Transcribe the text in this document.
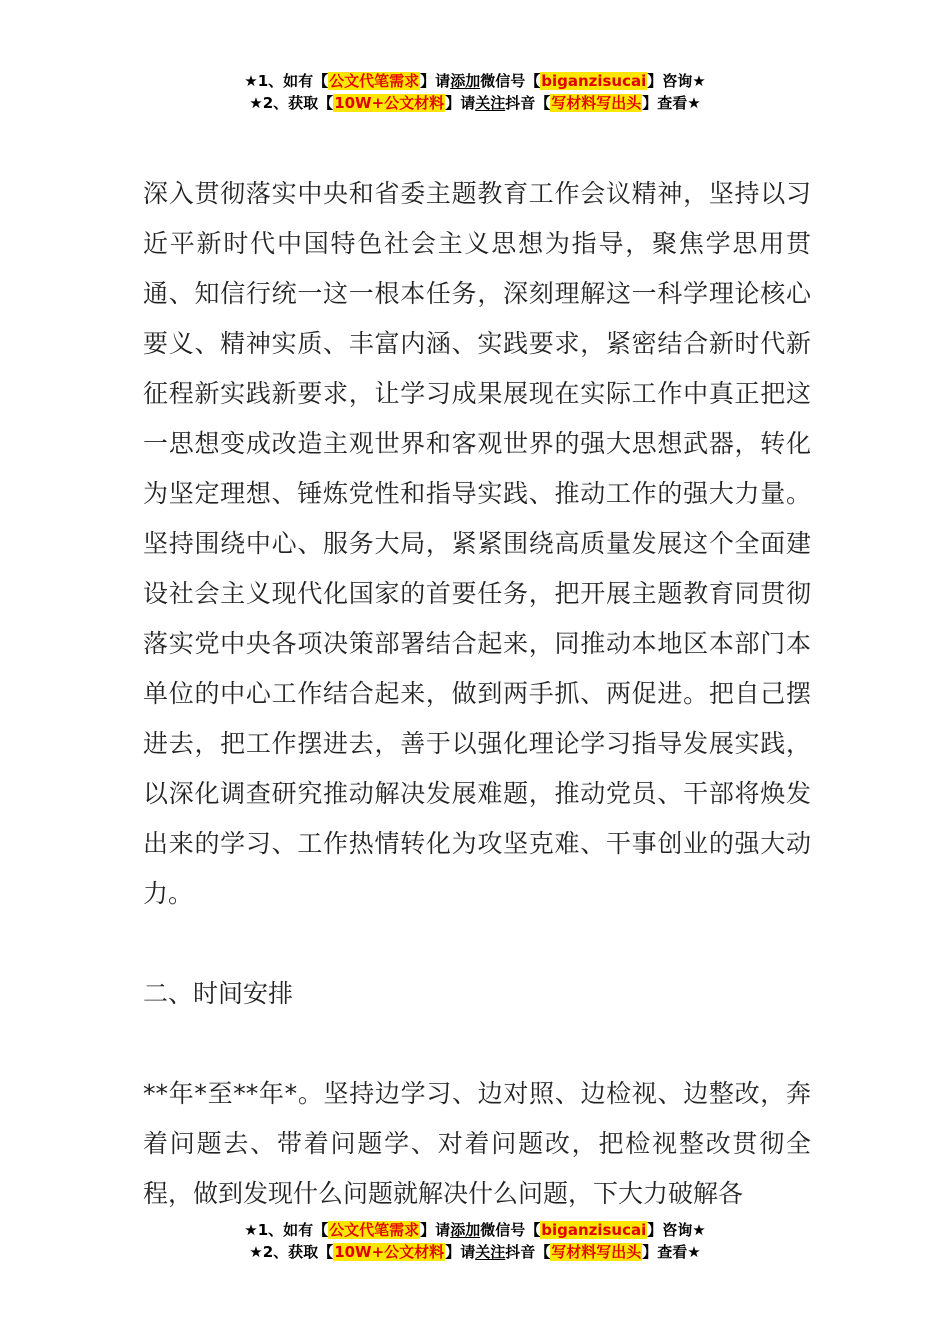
★1、如有【公文代笔需求】请添加微信号【biganzisucai】咨询★
★2、获取【10W+公文材料】请关注抖音【写材料写出头】查看★

深入贯彻落实中央和省委主题教育工作会议精神，坚持以习近平新时代中国特色社会主义思想为指导，聚焦学思用贯通、知信行统一这一根本任务，深刻理解这一科学理论核心要义、精神实质、丰富内涵、实践要求，紧密结合新时代新征程新实践新要求，让学习成果展现在实际工作中真正把这一思想变成改造主观世界和客观世界的强大思想武器，转化为坚定理想、锤炼党性和指导实践、推动工作的强大力量。坚持围绕中心、服务大局，紧紧围绕高质量发展这个全面建设社会主义现代化国家的首要任务，把开展主题教育同贯彻落实党中央各项决策部署结合起来，同推动本地区本部门本单位的中心工作结合起来，做到两手抓、两促进。把自己摆进去，把工作摆进去，善于以强化理论学习指导发展实践，以深化调查研究推动解决发展难题，推动党员、干部将焕发出来的学习、工作热情转化为攻坚克难、干事创业的强大动力。

二、时间安排

**年*至**年*。坚持边学习、边对照、边检视、边整改，奔着问题去、带着问题学、对着问题改，把检视整改贯彻全程，做到发现什么问题就解决什么问题，下大力破解各

★1、如有【公文代笔需求】请添加微信号【biganzisucai】咨询★
★2、获取【10W+公文材料】请关注抖音【写材料写出头】查看★
